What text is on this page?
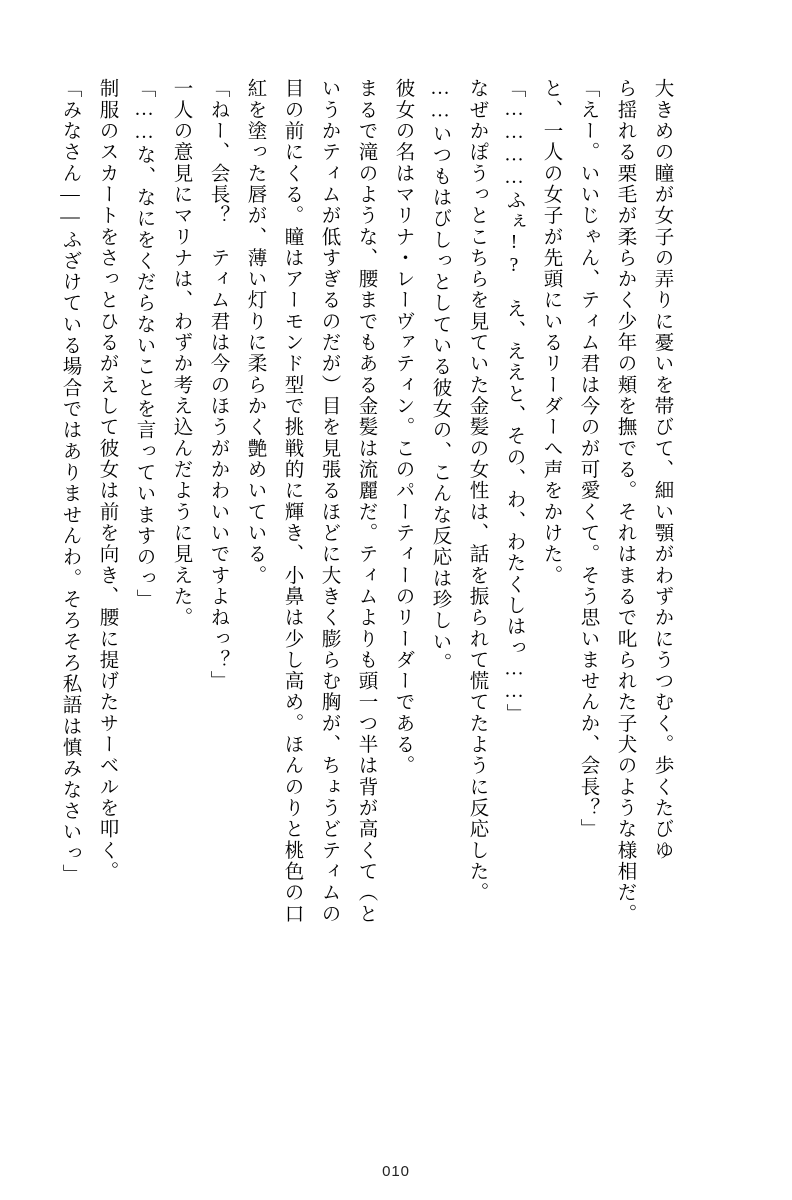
大きめの瞳が女子の弄りに憂いを帯びて、細い顎がわずかにうつむく。歩くたびゆ
ら揺れる栗毛が柔らかく少年の頬を撫でる。それはまるで叱られた子犬のような様相だ。
「えー。いいじゃん、ティム君は今のが可愛くて。そう思いませんか、会長？」
と、一人の女子が先頭にいるリーダーへ声をかけた。
「…………ふぇ!?　え、ええと、その、わ、わたくしはっ……」
なぜかぽうっとこちらを見ていた金髪の女性は、話を振られて慌てたように反応した。
……いつもはびしっとしている彼女の、こんな反応は珍しい。
彼女の名はマリナ・レーヴァティン。このパーティーのリーダーである。
まるで滝のような、腰までもある金髪は流麗だ。ティムよりも頭一つ半は背が高くて（と
いうかティムが低すぎるのだが）目を見張るほどに大きく膨らむ胸が、ちょうどティムの
目の前にくる。瞳はアーモンド型で挑戦的に輝き、小鼻は少し高め。ほんのりと桃色の口
紅を塗った唇が、薄い灯りに柔らかく艶めいている。
「ねー、会長？　ティム君は今のほうがかわいいですよねっ？」
一人の意見にマリナは、わずか考え込んだように見えた。
「……な、なにをくだらないことを言っていますのっ」
制服のスカートをさっとひるがえして彼女は前を向き、腰に提げたサーベルを叩く。
「みなさん——ふざけている場合ではありませんわ。そろそろ私語は慎みなさいっ」
010
